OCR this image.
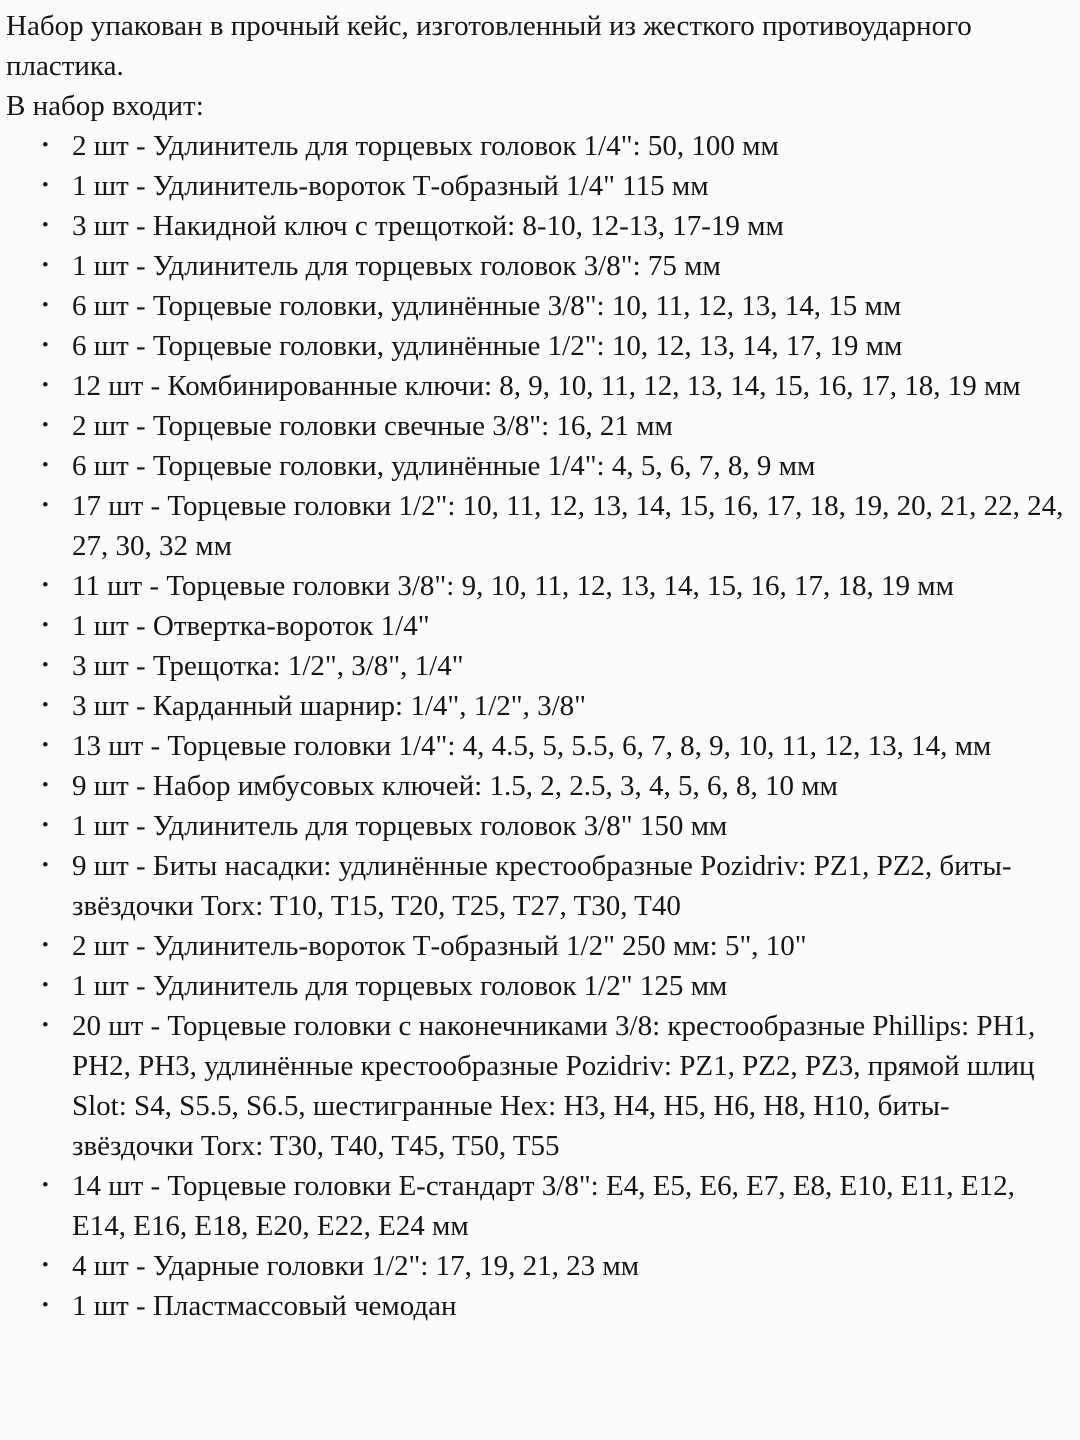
Набор упакован в прочный кейс, изготовленный из жесткого противоударного пластика.

В набор входит:

• 2 шт - Удлинитель для торцевых головок 1/4": 50, 100 мм
• 1 шт - Удлинитель-вороток Т-образный 1/4" 115 мм
• 3 шт - Накидной ключ с трещоткой: 8-10, 12-13, 17-19 мм
• 1 шт - Удлинитель для торцевых головок 3/8": 75 мм
• 6 шт - Торцевые головки, удлинённые 3/8": 10, 11, 12, 13, 14, 15 мм
• 6 шт - Торцевые головки, удлинённые 1/2": 10, 12, 13, 14, 17, 19 мм
• 12 шт - Комбинированные ключи: 8, 9, 10, 11, 12, 13, 14, 15, 16, 17, 18, 19 мм
• 2 шт - Торцевые головки свечные 3/8": 16, 21 мм
• 6 шт - Торцевые головки, удлинённые 1/4": 4, 5, 6, 7, 8, 9 мм
• 17 шт - Торцевые головки 1/2": 10, 11, 12, 13, 14, 15, 16, 17, 18, 19, 20, 21, 22, 24, 27, 30, 32 мм
• 11 шт - Торцевые головки 3/8": 9, 10, 11, 12, 13, 14, 15, 16, 17, 18, 19 мм
• 1 шт - Отвертка-вороток 1/4"
• 3 шт - Трещотка: 1/2", 3/8", 1/4"
• 3 шт - Карданный шарнир: 1/4", 1/2", 3/8"
• 13 шт - Торцевые головки 1/4": 4, 4.5, 5, 5.5, 6, 7, 8, 9, 10, 11, 12, 13, 14, мм
• 9 шт - Набор имбусовых ключей: 1.5, 2, 2.5, 3, 4, 5, 6, 8, 10 мм
• 1 шт - Удлинитель для торцевых головок 3/8" 150 мм
• 9 шт - Биты насадки: удлинённые крестообразные Pozidriv: PZ1, PZ2, биты-звёздочки Torx: T10, T15, T20, T25, T27, T30, T40
• 2 шт - Удлинитель-вороток Т-образный 1/2" 250 мм: 5", 10"
• 1 шт - Удлинитель для торцевых головок 1/2" 125 мм
• 20 шт - Торцевые головки с наконечниками 3/8: крестообразные Phillips: PH1, PH2, PH3, удлинённые крестообразные Pozidriv: PZ1, PZ2, PZ3, прямой шлиц Slot: S4, S5.5, S6.5, шестигранные Hex: H3, H4, H5, H6, H8, H10, биты-звёздочки Torx: T30, T40, T45, T50, T55
• 14 шт - Торцевые головки Е-стандарт 3/8": E4, E5, E6, E7, E8, E10, E11, E12, E14, E16, E18, E20, E22, E24 мм
• 4 шт - Ударные головки 1/2": 17, 19, 21, 23 мм
• 1 шт - Пластмассовый чемодан
